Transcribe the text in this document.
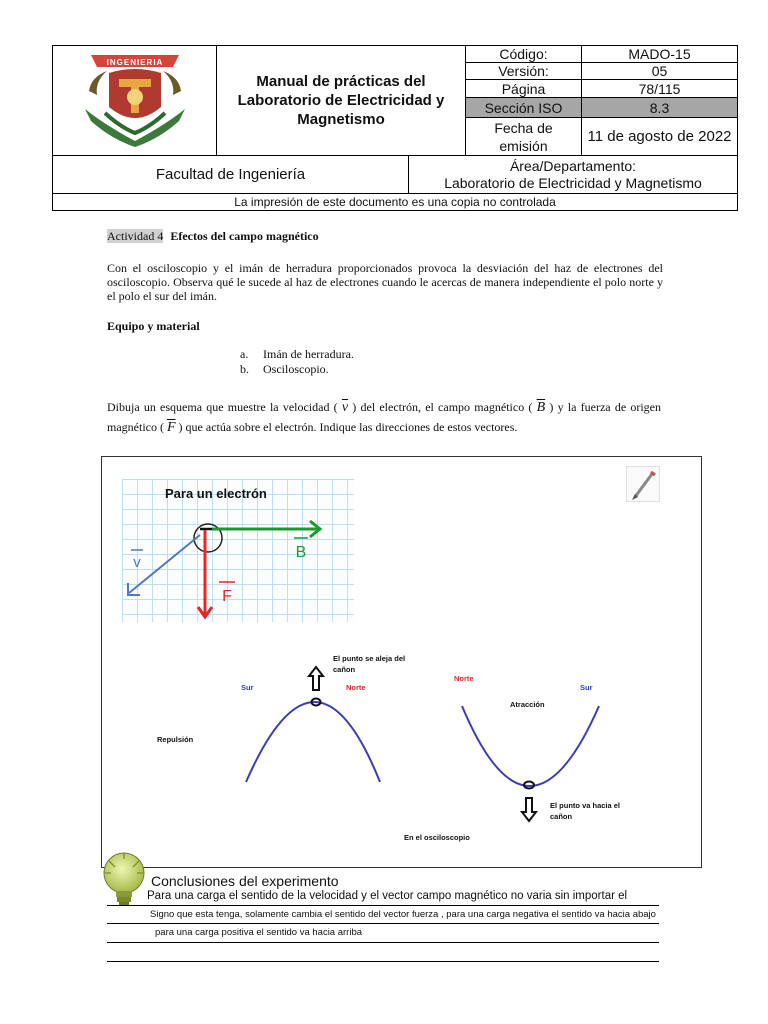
INGENIERIA
Manual de prácticas del Laboratorio de Electricidad y Magnetismo
Código:	MADO-15
Versión:	05
Página	78/115
Sección ISO	8.3
Fecha de emisión
11 de agosto de 2022
Facultad de Ingeniería	Área/Departamento:
Laboratorio de Electricidad y Magnetismo
La impresión de este documento es una copia no controlada
Actividad 4 Efectos del campo magnético
Con el osciloscopio y el imán de herradura proporcionados provoca la desviación del haz de electrones del osciloscopio. Observa qué le sucede al haz de electrones cuando le acercas de manera independiente el polo norte y el polo el sur del imán.
Equipo y material
a. Imán de herradura.
b. Osciloscopio.
Dibuja un esquema que muestre la velocidad ( $\overline{v}$ ) del electrón, el campo magnético ( $\overline{B}$ ) y la fuerza de origen
magnético ( $\overline{F}$ ) que actúa sobre el electrón. Indique las direcciones de estos vectores.
Para un electrón
v
B
F
El punto se aleja del cañon
Sur	Norte
Repulsión
Norte
Sur
Atracción
El punto va hacia el cañon
En el osciloscopio
Conclusiones del experimento
Para una carga el sentido de la velocidad y el vector campo magnético no varia sin importar el
Signo que esta tenga, solamente cambia el sentido del vector fuerza , para una carga negativa el sentido va hacia abajo
para una carga positiva el sentido va hacia arriba
